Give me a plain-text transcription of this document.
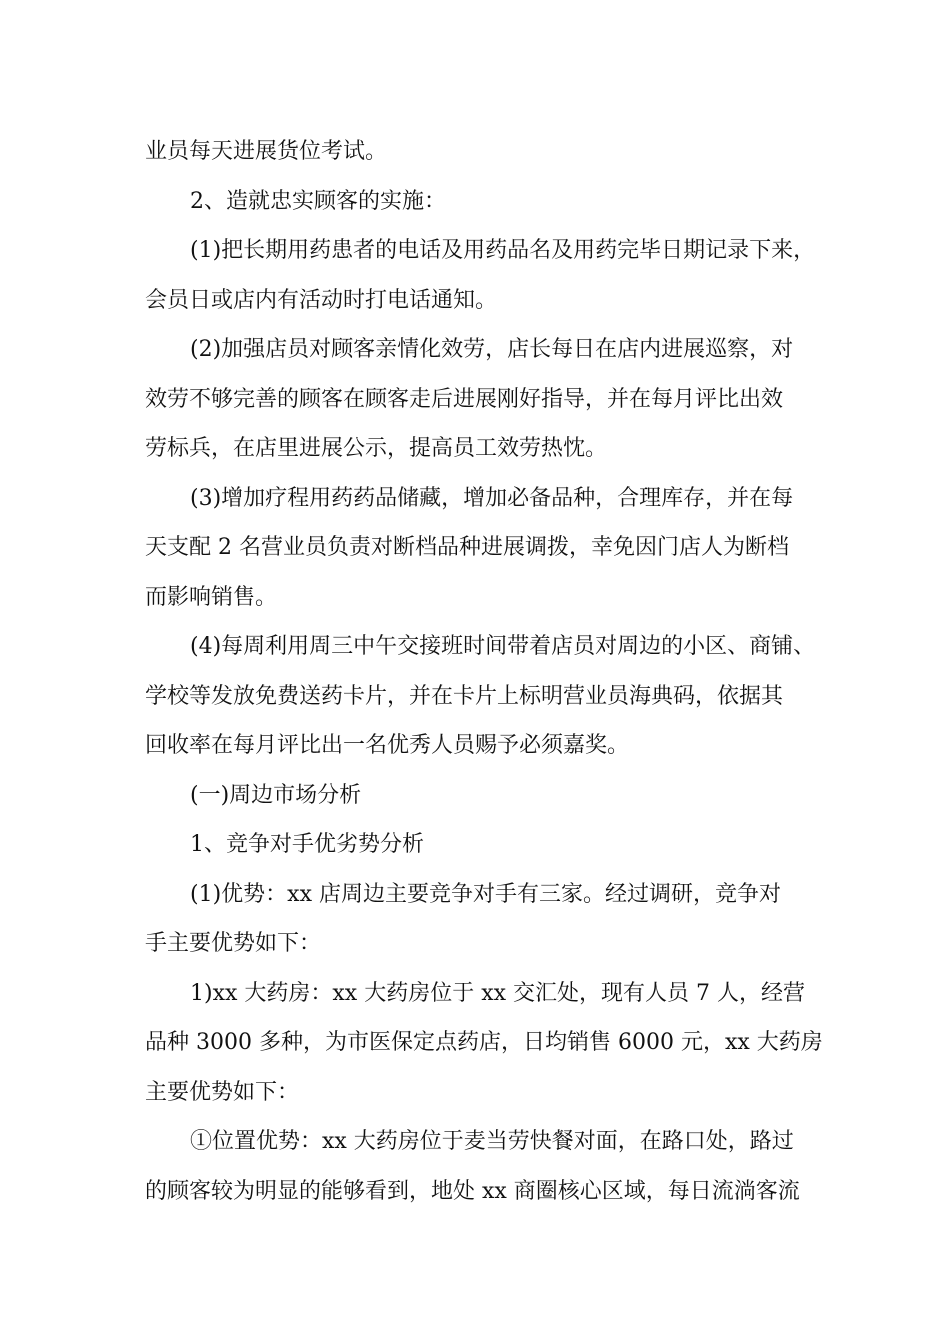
业员每天进展货位考试。
2、造就忠实顾客的实施：
(1)把长期用药患者的电话及用药品名及用药完毕日期记录下来，
会员日或店内有活动时打电话通知。
(2)加强店员对顾客亲情化效劳，店长每日在店内进展巡察，对
效劳不够完善的顾客在顾客走后进展刚好指导，并在每月评比出效
劳标兵，在店里进展公示，提高员工效劳热忱。
(3)增加疗程用药药品储藏，增加必备品种，合理库存，并在每
天支配 2 名营业员负责对断档品种进展调拨，幸免因门店人为断档
而影响销售。
(4)每周利用周三中午交接班时间带着店员对周边的小区、商铺、
学校等发放免费送药卡片，并在卡片上标明营业员海典码，依据其
回收率在每月评比出一名优秀人员赐予必须嘉奖。
(一)周边市场分析
1、竞争对手优劣势分析
(1)优势：xx 店周边主要竞争对手有三家。经过调研，竞争对
手主要优势如下：
1)xx 大药房：xx 大药房位于 xx 交汇处，现有人员 7 人，经营
品种 3000 多种，为市医保定点药店，日均销售 6000 元，xx 大药房
主要优势如下：
①位置优势：xx 大药房位于麦当劳快餐对面，在路口处，路过
的顾客较为明显的能够看到，地处 xx 商圈核心区域，每日流淌客流
